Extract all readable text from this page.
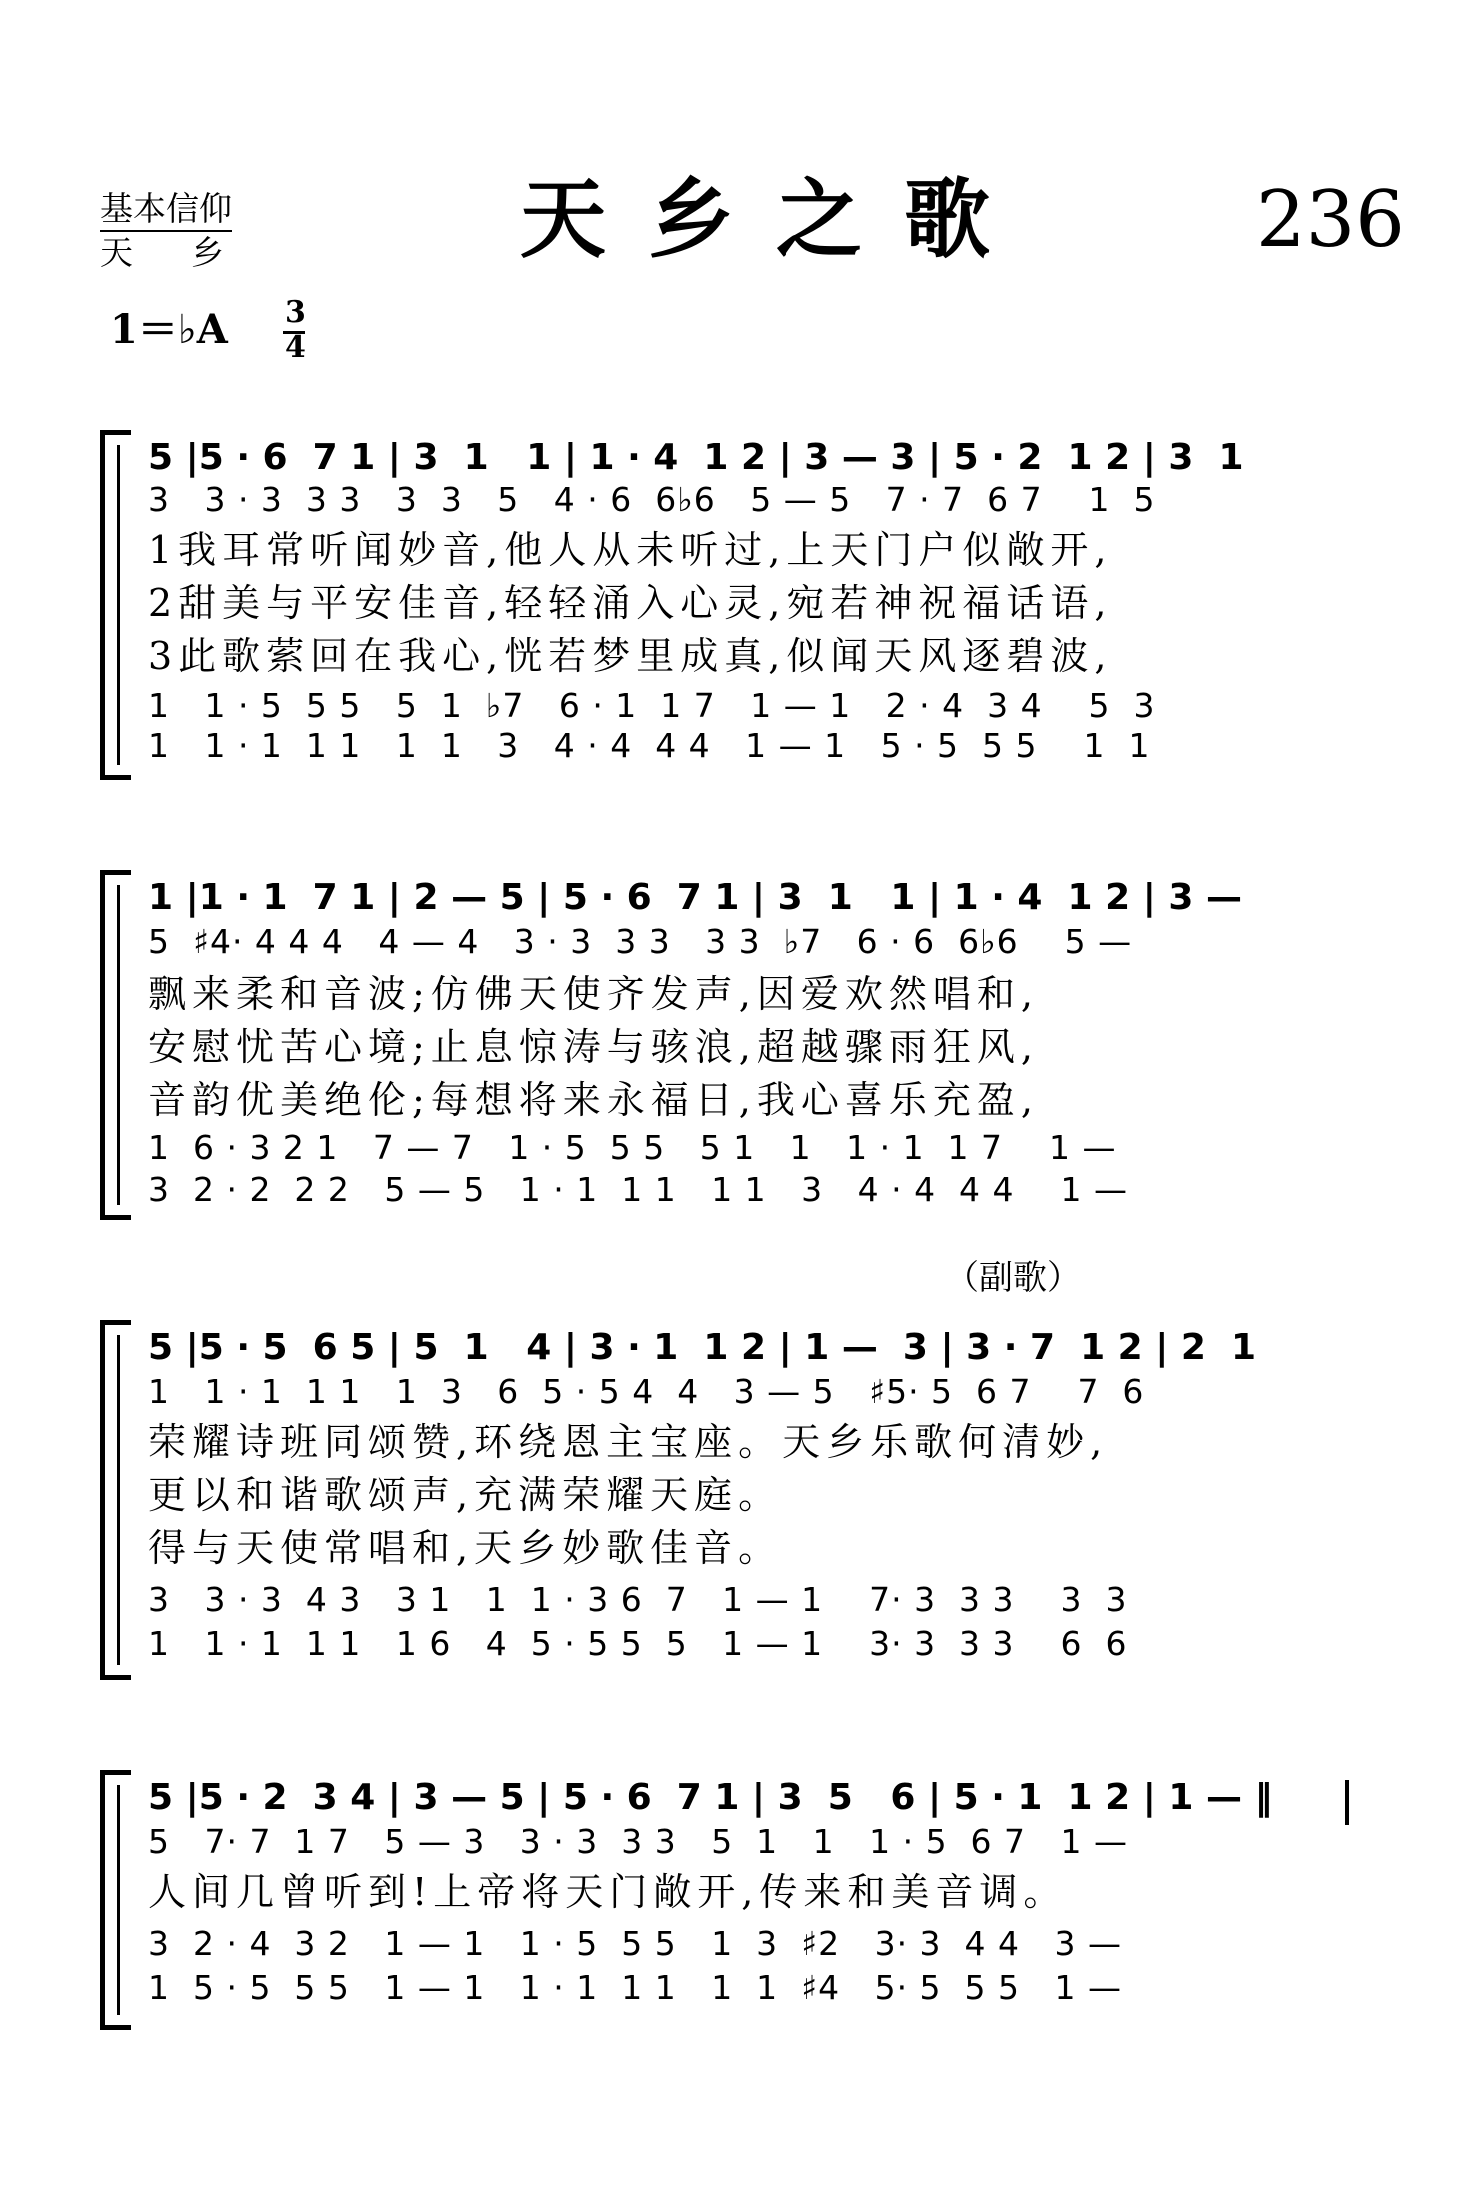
基本信仰
天乡	天乡之歌	236
1＝♭A 3
4
5 |5 · 6  7 1 | 3  1   1 | 1 · 4  1 2 | 3 — 3 | 5 · 2  1 2 | 3  1
3   3 · 3  3 3   3  3   5   4 · 6  6♭6   5 — 5   7 · 7  6 7    1  5
1我耳常听闻妙音,他人从未听过,上天门户似敞开,
2甜美与平安佳音,轻轻涌入心灵,宛若神祝福话语,
3此歌萦回在我心,恍若梦里成真,似闻天风逐碧波,
1   1 · 5  5 5   5  1  ♭7   6 · 1  1 7   1 — 1   2 · 4  3 4    5  3
1   1 · 1  1 1   1  1   3   4 · 4  4 4   1 — 1   5 · 5  5 5    1  1
1 |1 · 1  7 1 | 2 — 5 | 5 · 6  7 1 | 3  1   1 | 1 · 4  1 2 | 3 —
5  ♯4· 4 4 4   4 — 4   3 · 3  3 3   3 3  ♭7   6 · 6  6♭6    5 —
飘来柔和音波;仿佛天使齐发声,因爱欢然唱和,
安慰忧苦心境;止息惊涛与骇浪,超越骤雨狂风,
音韵优美绝伦;每想将来永福日,我心喜乐充盈,
1  6 · 3 2 1   7 — 7   1 · 5  5 5   5 1   1   1 · 1  1 7    1 —
3  2 · 2  2 2   5 — 5   1 · 1  1 1   1 1   3   4 · 4  4 4    1 —
（副歌）
5 |5 · 5  6 5 | 5  1   4 | 3 · 1  1 2 | 1 —  3 | 3 · 7  1 2 | 2  1
1   1 · 1  1 1   1  3   6  5 · 5 4  4   3 — 5   ♯5· 5  6 7    7  6
荣耀诗班同颂赞,环绕恩主宝座。天乡乐歌何清妙,
更以和谐歌颂声,充满荣耀天庭。
得与天使常唱和,天乡妙歌佳音。
3   3 · 3  4 3   3 1   1  1 · 3 6  7   1 — 1    7· 3  3 3    3  3
1   1 · 1  1 1   1 6   4  5 · 5 5  5   1 — 1    3· 3  3 3    6  6
5 |5 · 2  3 4 | 3 — 5 | 5 · 6  7 1 | 3  5   6 | 5 · 1  1 2 | 1 — ‖
5   7· 7  1 7   5 — 3   3 · 3  3 3   5  1   1   1 · 5  6 7   1 —
人间几曾听到!上帝将天门敞开,传来和美音调。
3  2 · 4  3 2   1 — 1   1 · 5  5 5   1  3  ♯2   3· 3  4 4   3 —
1  5 · 5  5 5   1 — 1   1 · 1  1 1   1  1  ♯4   5· 5  5 5   1 —
